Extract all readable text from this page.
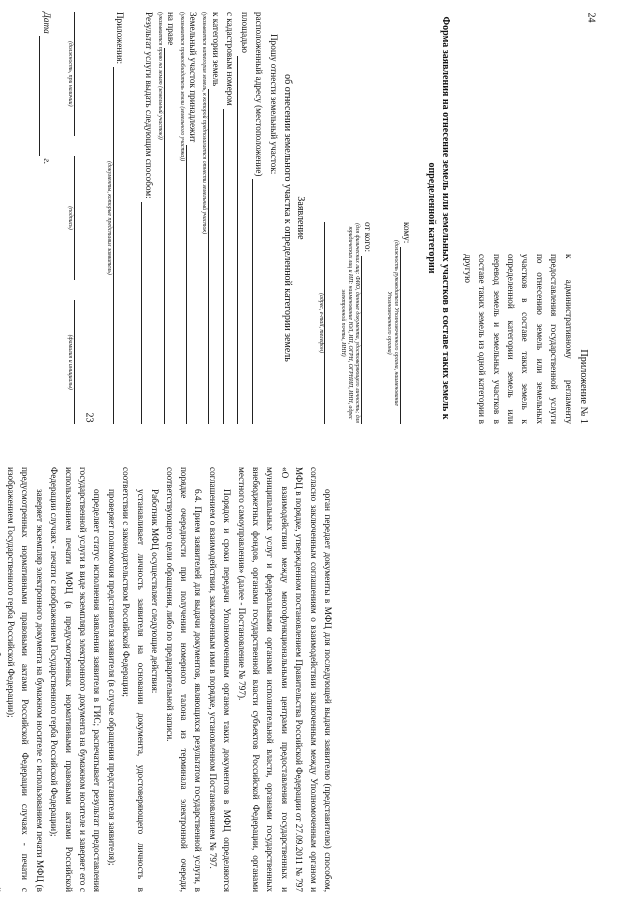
23
24

орган передает документы в МФЦ для последующей выдачи заявителю (представителю) способом, согласно заключенным соглашениям о взаимодействии заключенным между Уполномоченным органом и МФЦ в порядке, утвержденном постановлением Правительства Российской Федерации от 27.09.2011 № 797 «О взаимодействии между многофункциональными центрами предоставления государственных и муниципальных услуг и федеральными органами исполнительной власти, органами государственных внебюджетных фондов, органами государственной власти субъектов Российской Федерации, органами местного самоуправления» (далее - Постановление № 797).

Порядок и сроки передачи Уполномоченным органом таких документов в МФЦ определяются соглашением о взаимодействии, заключенным ими в порядке, установленном Постановлением № 797.

6.4. Прием заявителей для выдачи документов, являющихся результатом государственной услуги, в порядке очередности при получении номерного талона из терминала электронной очереди, соответствующего цели обращения, либо по предварительной записи.

Работник МФЦ осуществляет следующие действия:

устанавливает личность заявителя на основании документа, удостоверяющего личность в соответствии с законодательством Российской Федерации;

проверяет полномочия представителя заявителя (в случае обращения представителя заявителя);

определяет статус исполнения заявления заявителя в ГИС; распечатывает результат предоставления государственной услуги в виде экземпляра электронного документа на бумажном носителе и заверяет его с использованием печати МФЦ (в предусмотренных нормативными правовыми актами Российской Федерации случаях - печати с изображением Государственного герба Российской Федерации);

заверяет экземпляр электронного документа на бумажном носителе с использованием печати МФЦ (в предусмотренных нормативными правовыми актами Российской Федерации случаях - печати с изображением Государственного герба Российской Федерации);

Приложение № 1
к административному регламенту предоставления государственной услуги по отнесению земель или земельных участков в составе таких земель к определенной категории земель или перевод земель и земельных участков в составе таких земель из одной категории в другую
Форма заявления на отнесение земель или земельных участков в составе таких земель к определенной категории
кому:
(должность руководителя Уполномоченного органа, наименование Уполномоченного органа)
от кого:
(для физических лиц: ФИО, данные документа, удостоверяющего личность; для юридических лиц и ИП: наименование ЮЛ, ИП, ОГРН, ОГРНИП, ИНН, адрес электронной почты, ИНН)
(адрес, e-mail, телефон)
Заявление
об отнесении земельного участка к определенной категории земель

Прошу отнести земельный участок:

расположенный адресу (местоположение)
площадью
с кадастровым номером
к категории земель
(указывается категория земель, к которой предполагается отнести земельный участок)
Земельный участок принадлежит
(указывается правообладатель земли (земельного участка))
на праве
(указывается право на землю (земельный участок))
Результат услуги выдать следующим способом:
Приложения:
(документы, которые представил заявитель)
(должность, при наличии)
(подпись)
(фамилия и инициалы)
Дата  г.
